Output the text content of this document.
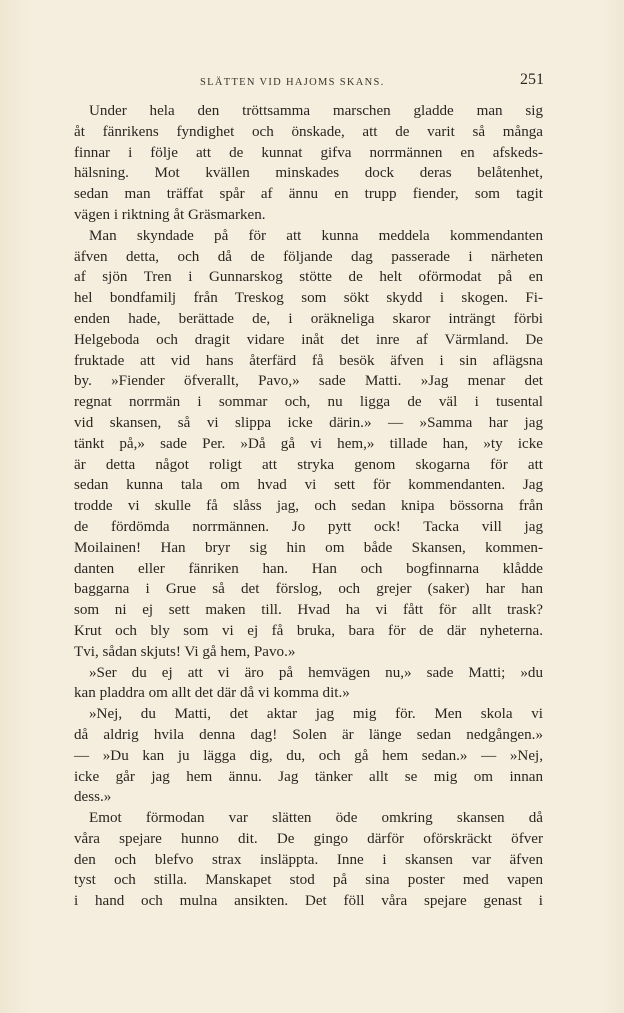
SLÄTTEN VID HAJOMS SKANS.	251
Under hela den tröttsamma marschen gladde man sig
åt fänrikens fyndighet och önskade, att de varit så många
finnar i följe att de kunnat gifva norrmännen en afskeds-
hälsning. Mot kvällen minskades dock deras belåtenhet,
sedan man träffat spår af ännu en trupp fiender, som tagit
vägen i riktning åt Gräsmarken.
Man skyndade på för att kunna meddela kommendanten
äfven detta, och då de följande dag passerade i närheten
af sjön Tren i Gunnarskog stötte de helt oförmodat på en
hel bondfamilj från Treskog som sökt skydd i skogen. Fi-
enden hade, berättade de, i oräkneliga skaror inträngt förbi
Helgeboda och dragit vidare inåt det inre af Värmland. De
fruktade att vid hans återfärd få besök äfven i sin aflägsna
by. »Fiender öfverallt, Pavo,» sade Matti. »Jag menar det
regnat norrmän i sommar och, nu ligga de väl i tusental
vid skansen, så vi slippa icke därin.» — »Samma har jag
tänkt på,» sade Per. »Då gå vi hem,» tillade han, »ty icke
är detta något roligt att stryka genom skogarna för att
sedan kunna tala om hvad vi sett för kommendanten. Jag
trodde vi skulle få slåss jag, och sedan knipa bössorna från
de fördömda norrmännen. Jo pytt ock! Tacka vill jag
Moilainen! Han bryr sig hin om både Skansen, kommen-
danten eller fänriken han. Han och bogfinnarna klådde
baggarna i Grue så det förslog, och grejer (saker) har han
som ni ej sett maken till. Hvad ha vi fått för allt trask?
Krut och bly som vi ej få bruka, bara för de där nyheterna.
Tvi, sådan skjuts! Vi gå hem, Pavo.»
»Ser du ej att vi äro på hemvägen nu,» sade Matti; »du
kan pladdra om allt det där då vi komma dit.»
»Nej, du Matti, det aktar jag mig för. Men skola vi
då aldrig hvila denna dag! Solen är länge sedan nedgången.»
— »Du kan ju lägga dig, du, och gå hem sedan.» — »Nej,
icke går jag hem ännu. Jag tänker allt se mig om innan
dess.»
Emot förmodan var slätten öde omkring skansen då
våra spejare hunno dit. De gingo därför oförskräckt öfver
den och blefvo strax insläppta. Inne i skansen var äfven
tyst och stilla. Manskapet stod på sina poster med vapen
i hand och mulna ansikten. Det föll våra spejare genast i
